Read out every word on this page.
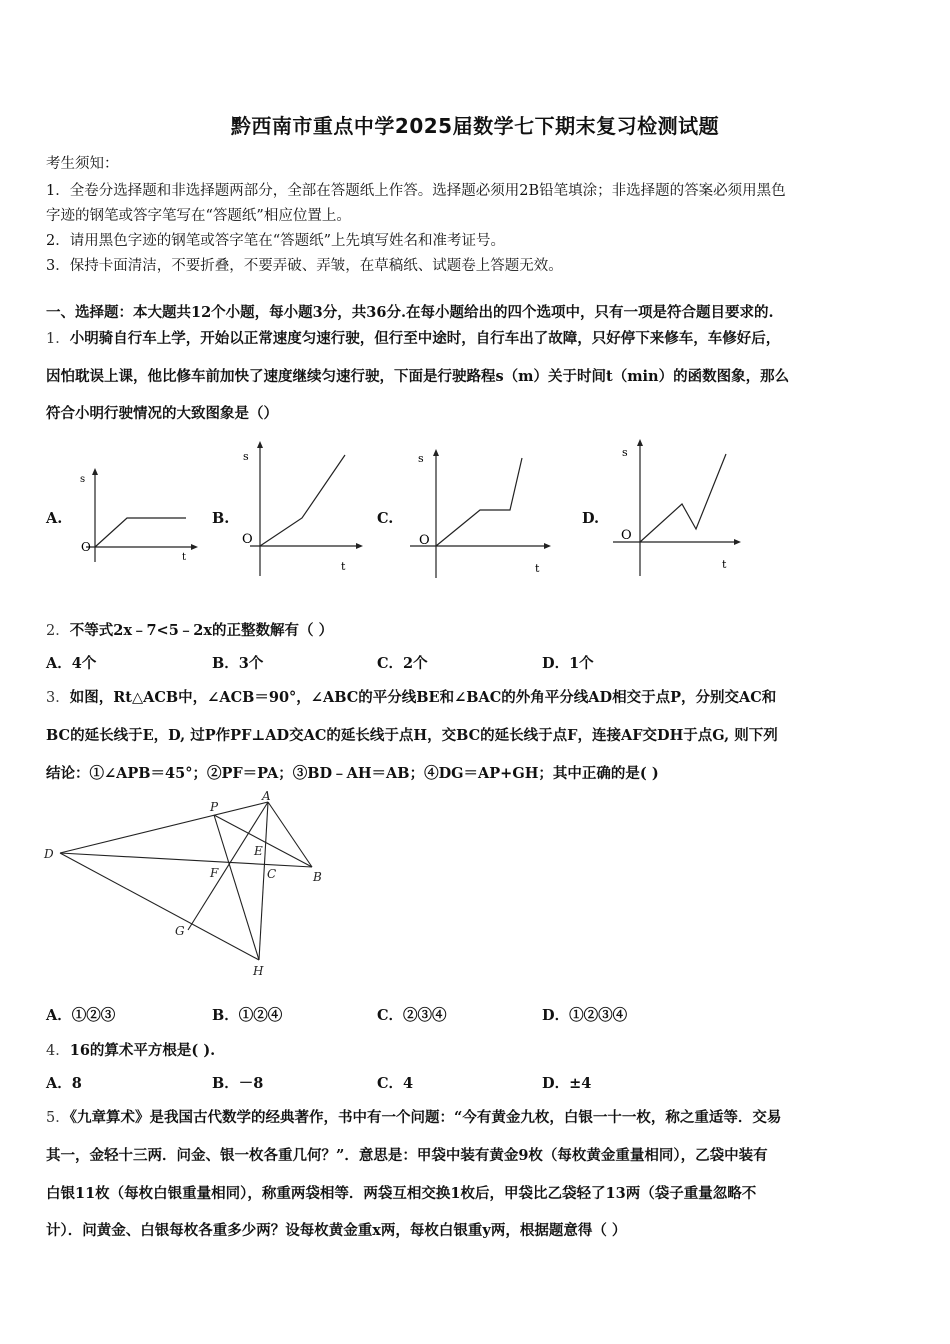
黔西南市重点中学2025届数学七下期末复习检测试题
考生须知：
1．全卷分选择题和非选择题两部分，全部在答题纸上作答。选择题必须用2B铅笔填涂；非选择题的答案必须用黑色
字迹的钢笔或答字笔写在“答题纸”相应位置上。
2．请用黑色字迹的钢笔或答字笔在“答题纸”上先填写姓名和准考证号。
3．保持卡面清洁，不要折叠，不要弄破、弄皱，在草稿纸、试题卷上答题无效。
一、选择题：本大题共12个小题，每小题3分，共36分.在每小题给出的四个选项中，只有一项是符合题目要求的.
1．小明骑自行车上学，开始以正常速度匀速行驶，但行至中途时，自行车出了故障，只好停下来修车，车修好后，
因怕耽误上课，他比修车前加快了速度继续匀速行驶，下面是行驶路程s（m）关于时间t（min）的函数图象，那么
符合小明行驶情况的大致图象是（）
A.
s
t
O
B.
s
t
O
C.
s
t
O
D.
s
t
O
2．不等式2x﹣7<5﹣2x的正整数解有（ ）
A．4个	B．3个	C．2个	D．1个
3．如图，Rt△ACB中，∠ACB＝90°，∠ABC的平分线BE和∠BAC的外角平分线AD相交于点P，分别交AC和
BC的延长线于E，D, 过P作PF⊥AD交AC的延长线于点H，交BC的延长线于点F，连接AF交DH于点G, 则下列
结论：①∠APB＝45°；②PF＝PA；③BD﹣AH＝AB；④DG＝AP+GH；其中正确的是( )
P
A
D	E
F	C	B
G
H
A．①②③	B．①②④	C．②③④	D．①②③④
4．16的算术平方根是( ).
A．8	B．－8	C．4	D．±4
5．《九章算术》是我国古代数学的经典著作，书中有一个问题：“今有黄金九枚，白银一十一枚，称之重适等．交易
其一，金轻十三两．问金、银一枚各重几何？”．意思是：甲袋中装有黄金9枚（每枚黄金重量相同），乙袋中装有
白银11枚（每枚白银重量相同），称重两袋相等．两袋互相交换1枚后，甲袋比乙袋轻了13两（袋子重量忽略不
计）．问黄金、白银每枚各重多少两？设每枚黄金重x两，每枚白银重y两，根据题意得（ ）
